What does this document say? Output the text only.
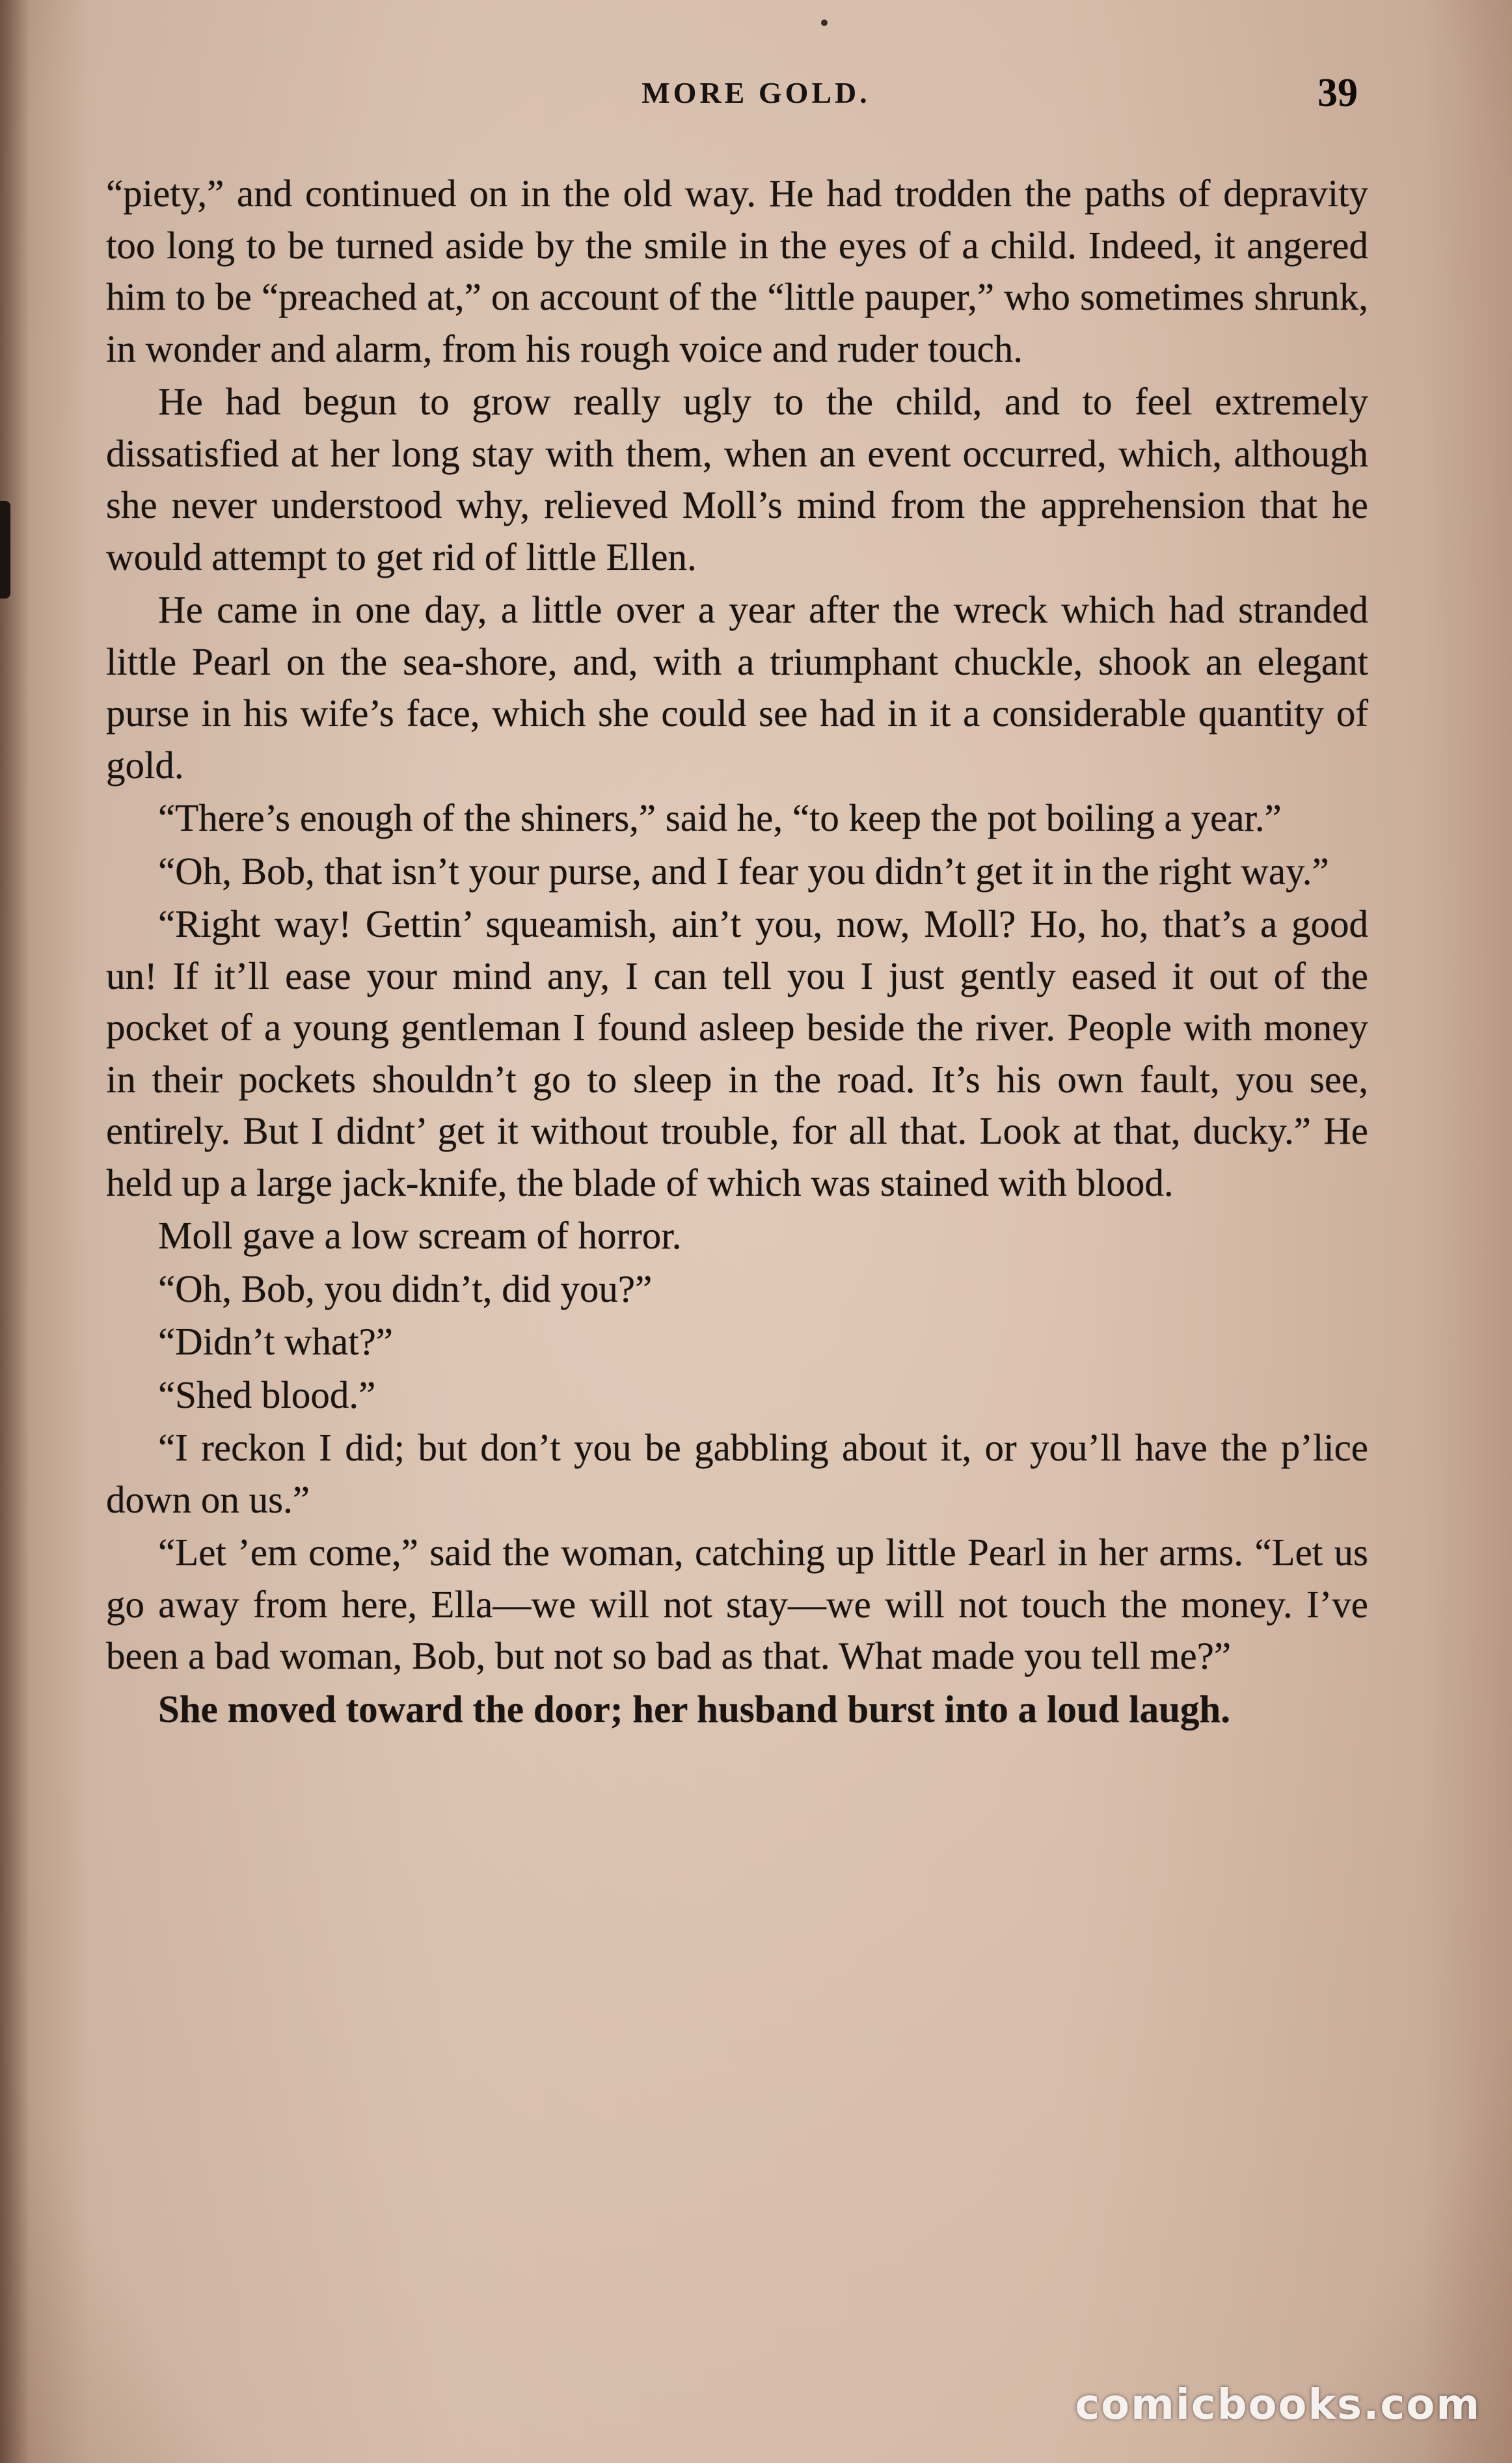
MORE GOLD.	39

“piety,” and continued on in the old way. He had trodden the paths of depravity too long to be turned aside by the smile in the eyes of a child. Indeed, it angered him to be “preached at,” on account of the “little pauper,” who sometimes shrunk, in wonder and alarm, from his rough voice and ruder touch.

He had begun to grow really ugly to the child, and to feel extremely dissatisfied at her long stay with them, when an event occurred, which, although she never understood why, relieved Moll’s mind from the apprehension that he would attempt to get rid of little Ellen.

He came in one day, a little over a year after the wreck which had stranded little Pearl on the sea-shore, and, with a triumphant chuckle, shook an elegant purse in his wife’s face, which she could see had in it a considerable quantity of gold.

“There’s enough of the shiners,” said he, “to keep the pot boiling a year.”

“Oh, Bob, that isn’t your purse, and I fear you didn’t get it in the right way.”

“Right way! Gettin’ squeamish, ain’t you, now, Moll? Ho, ho, that’s a good un! If it’ll ease your mind any, I can tell you I just gently eased it out of the pocket of a young gentleman I found asleep beside the river. People with money in their pockets shouldn’t go to sleep in the road. It’s his own fault, you see, entirely. But I didnt’ get it without trouble, for all that. Look at that, ducky.” He held up a large jack-knife, the blade of which was stained with blood.

Moll gave a low scream of horror.

“Oh, Bob, you didn’t, did you?”

“Didn’t what?”

“Shed blood.”

“I reckon I did; but don’t you be gabbling about it, or you’ll have the p’lice down on us.”

“Let ’em come,” said the woman, catching up little Pearl in her arms. “Let us go away from here, Ella—we will not stay—we will not touch the money. I’ve been a bad woman, Bob, but not so bad as that. What made you tell me?”

She moved toward the door; her husband burst into a loud laugh.

comicbooks.com
